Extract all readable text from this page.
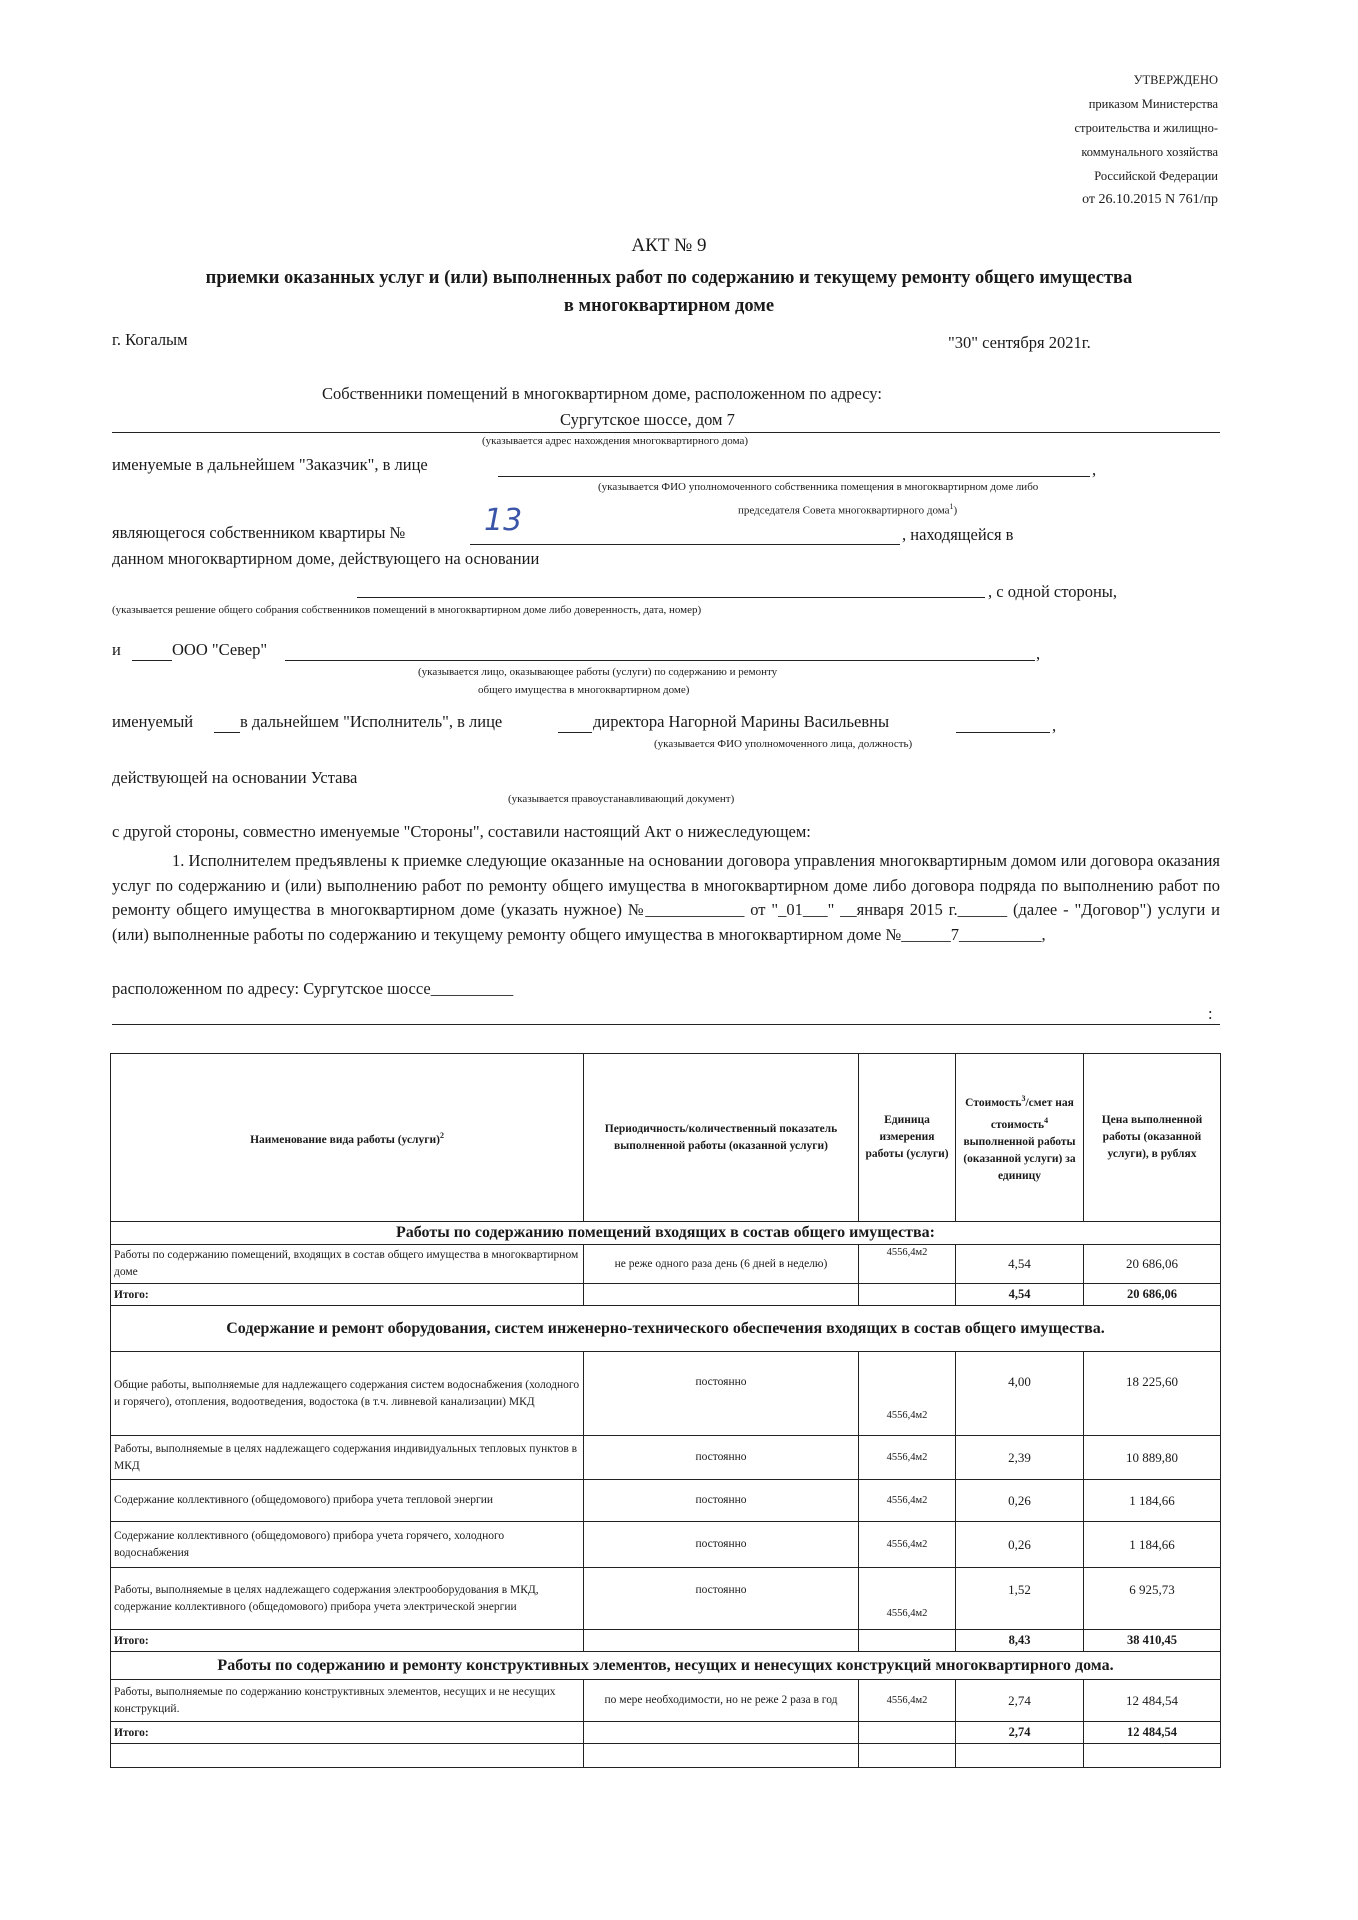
УТВЕРЖДЕНО
приказом Министерства
строительства и жилищно-
коммунального хозяйства
Российской Федерации
от 26.10.2015 N 761/пр
АКТ № 9
приемки оказанных услуг и (или) выполненных работ по содержанию и текущему ремонту общего имущества
в многоквартирном доме
г. Когалым	"30" сентября 2021г.
Собственники помещений в многоквартирном доме, расположенном по адресу:
Сургутское шоссе, дом 7
(указывается адрес нахождения многоквартирного дома)
именуемые в дальнейшем "Заказчик", в лице	,
(указывается ФИО уполномоченного собственника помещения в многоквартирном доме либо
председателя Совета многоквартирного дома$^1$)
являющегося собственником квартиры №	13	, находящейся в
данном многоквартирном доме, действующего на основании
, с одной стороны,
(указывается решение общего собрания собственников помещений в многоквартирном доме либо доверенность, дата, номер)
и	ООО "Север"	,
(указывается лицо, оказывающее работы (услуги) по содержанию и ремонту
общего имущества в многоквартирном доме)
именуемый	в дальнейшем "Исполнитель", в лице	директора Нагорной Марины Васильевны	,
(указывается ФИО уполномоченного лица, должность)
действующей на основании Устава
(указывается правоустанавливающий документ)
с другой стороны, совместно именуемые "Стороны", составили настоящий Акт о нижеследующем:
1. Исполнителем предъявлены к приемке следующие оказанные на основании договора управления многоквартирным домом или договора оказания услуг по содержанию и (или) выполнению работ по ремонту общего имущества в многоквартирном доме либо договора подряда по выполнению работ по ремонту общего имущества в многоквартирном доме (указать нужное) №____________ от "_01___" __января 2015 г.______ (далее - "Договор") услуги и (или) выполненные работы по содержанию и текущему ремонту общего имущества в многоквартирном доме №______7__________,
расположенном по адресу: Сургутское шоссе__________
:
Наименование вида работы (услуги)$^2$	Периодичность/количественный показатель выполненной работы (оказанной услуги)	Единица измерения работы (услуги)	Стоимость$^3$/смет ная стоимость$^4$ выполненной работы (оказанной услуги) за единицу	Цена выполненной работы (оказанной услуги), в рублях
Работы по содержанию помещений входящих в состав общего имущества:				
Работы по содержанию помещений, входящих в состав общего имущества в многоквартирном доме	не реже одного раза день (6 дней в неделю)	4556,4м2	4,54	20 686,06
Итого:			4,54	20 686,06
Содержание и ремонт оборудования, систем инженерно-технического обеспечения входящих в состав общего имущества.				
Общие работы, выполняемые для надлежащего содержания систем водоснабжения (холодного и горячего), отопления, водоотведения, водостока (в т.ч. ливневой канализации) МКД	постоянно	4556,4м2	4,00	18 225,60
Работы, выполняемые в целях надлежащего содержания индивидуальных тепловых пунктов в МКД	постоянно	4556,4м2	2,39	10 889,80
Содержание коллективного (общедомового) прибора учета тепловой энергии	постоянно	4556,4м2	0,26	1 184,66
Содержание коллективного (общедомового) прибора учета горячего, холодного водоснабжения	постоянно	4556,4м2	0,26	1 184,66
Работы, выполняемые в целях надлежащего содержания электрооборудования в МКД, содержание коллективного (общедомового) прибора учета электрической энергии	постоянно	4556,4м2	1,52	6 925,73
Итого:			8,43	38 410,45
Работы по содержанию и ремонту конструктивных элементов, несущих и ненесущих конструкций многоквартирного дома.				
Работы, выполняемые по содержанию конструктивных элементов, несущих и не несущих конструкций.	по мере необходимости, но не реже 2 раза в год	4556,4м2	2,74	12 484,54
Итого:			2,74	12 484,54
